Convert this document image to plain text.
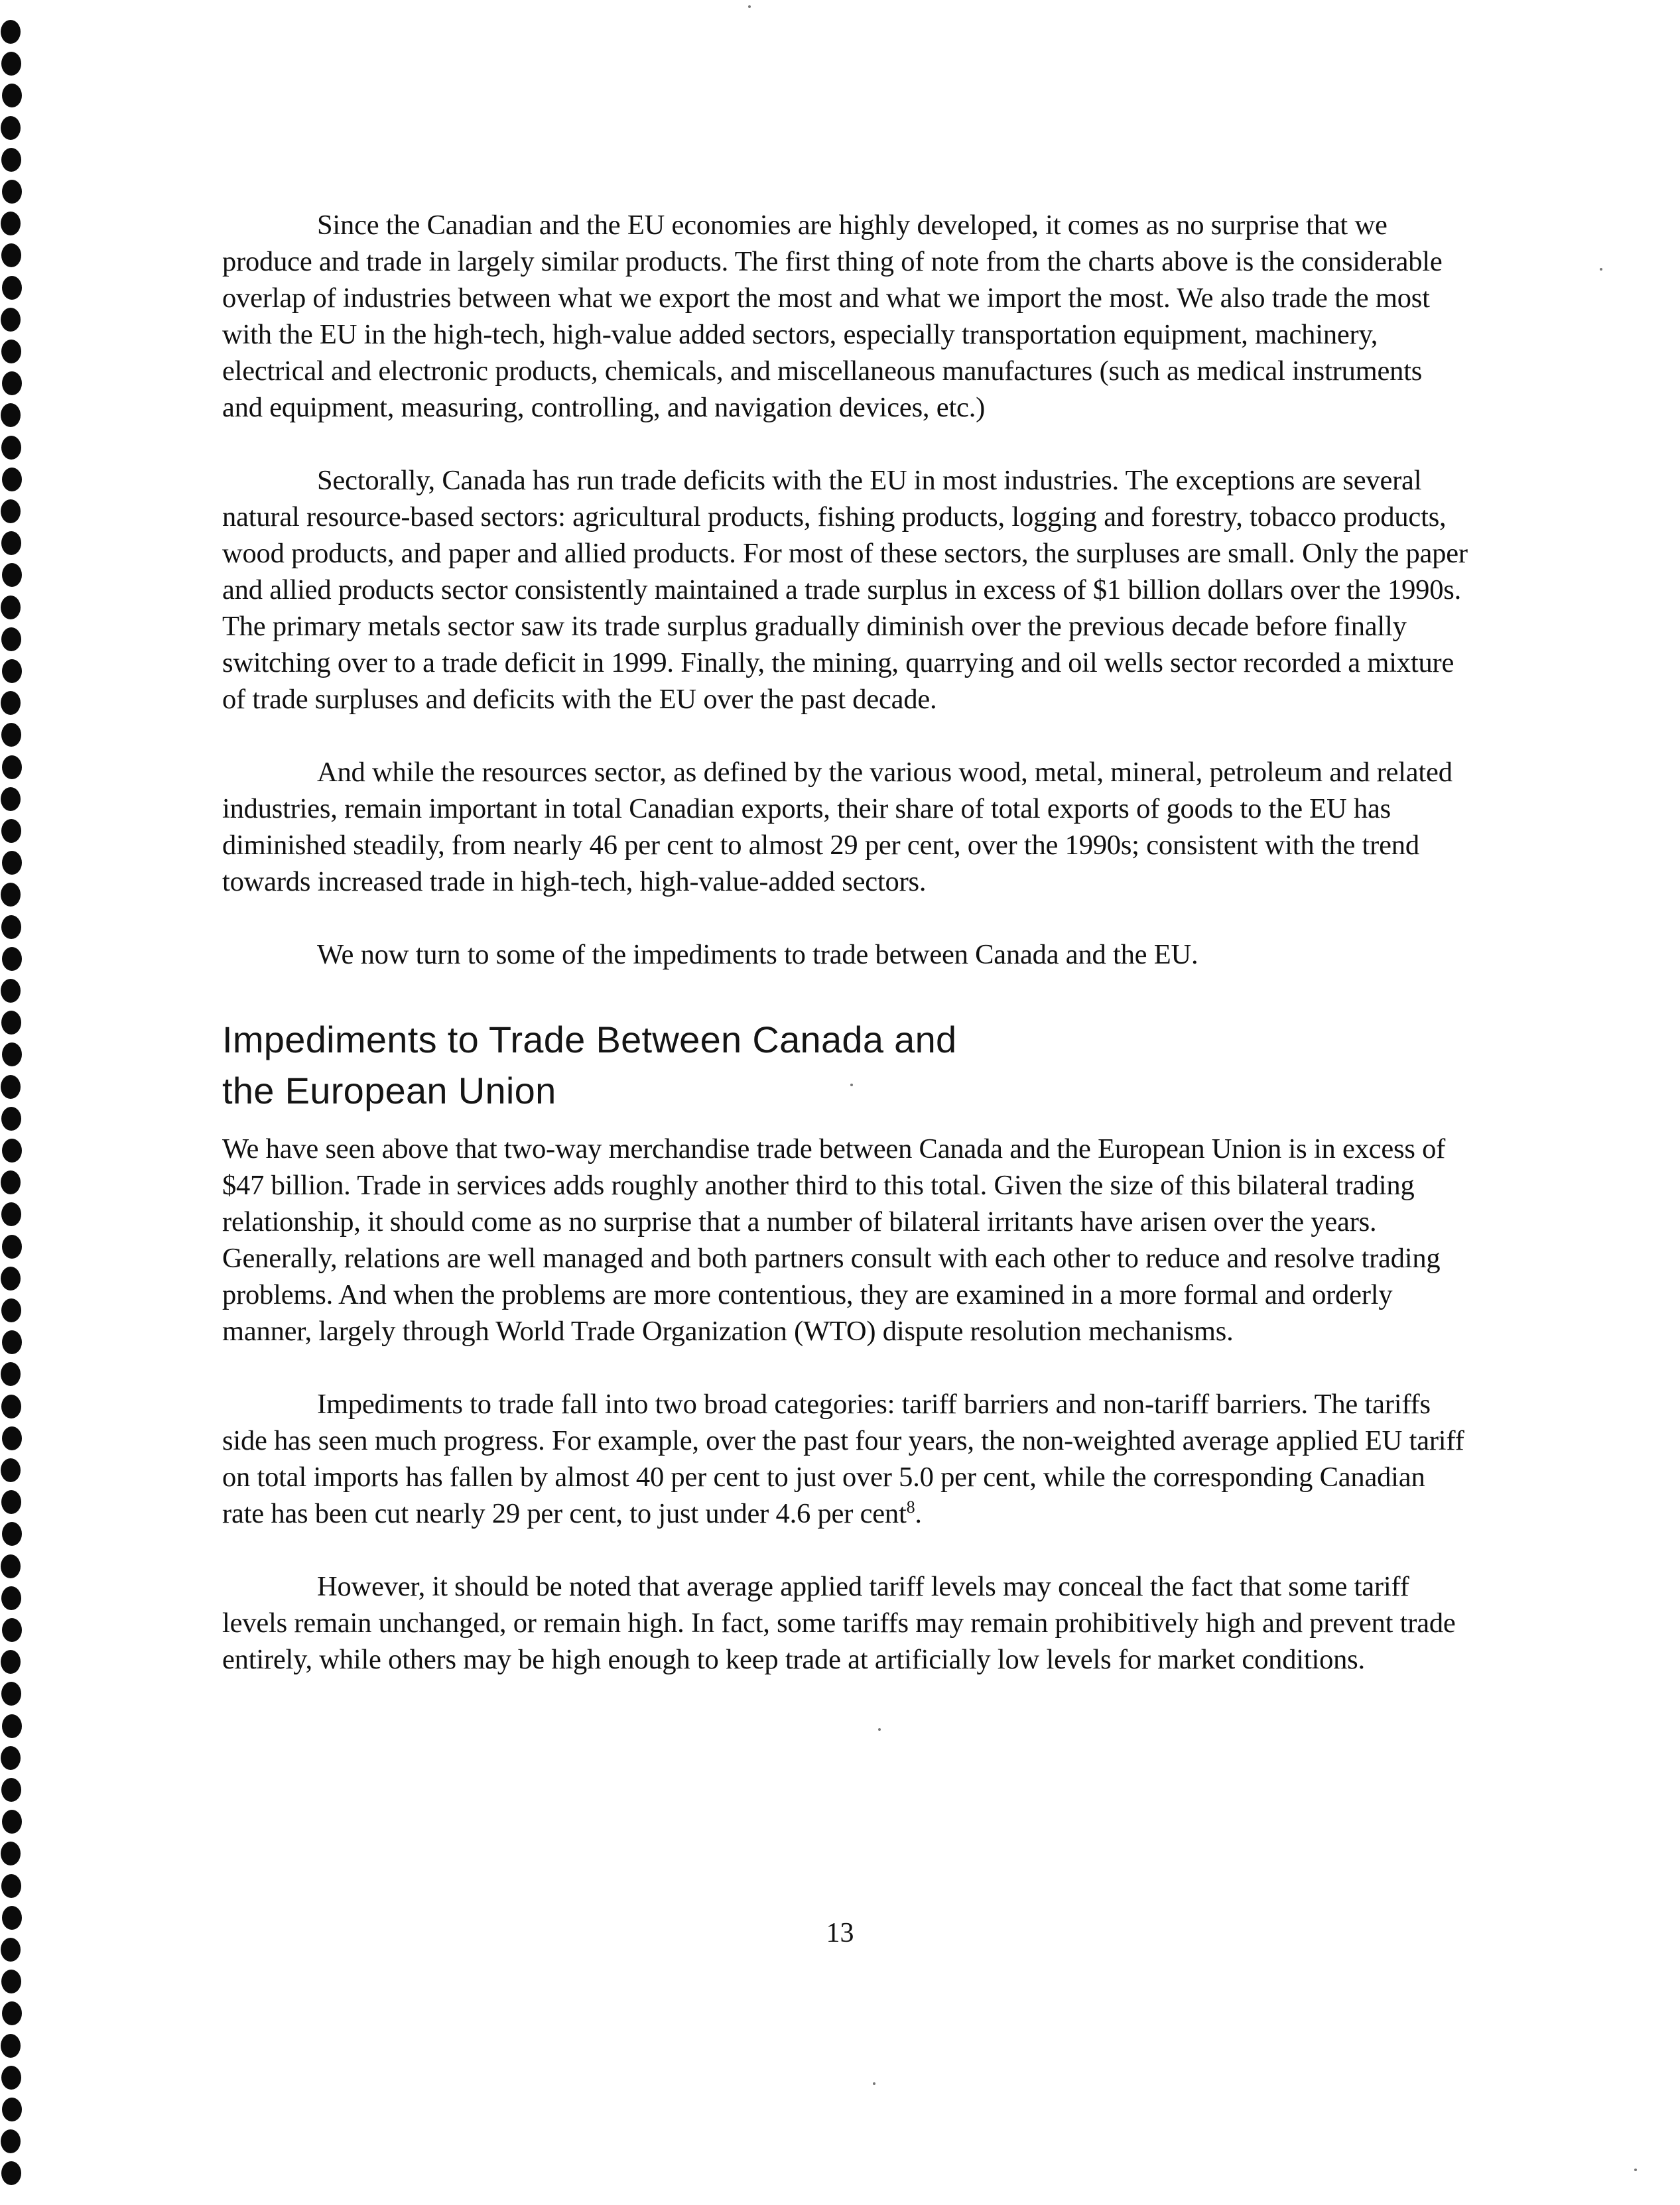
Since the Canadian and the EU economies are highly developed, it comes as no surprise that we produce and trade in largely similar products. The first thing of note from the charts above is the considerable overlap of industries between what we export the most and what we import the most. We also trade the most with the EU in the high-tech, high-value added sectors, especially transportation equipment, machinery, electrical and electronic products, chemicals, and miscellaneous manufactures (such as medical instruments and equipment, measuring, controlling, and navigation devices, etc.)

Sectorally, Canada has run trade deficits with the EU in most industries. The exceptions are several natural resource-based sectors: agricultural products, fishing products, logging and forestry, tobacco products, wood products, and paper and allied products. For most of these sectors, the surpluses are small. Only the paper and allied products sector consistently maintained a trade surplus in excess of $1 billion dollars over the 1990s. The primary metals sector saw its trade surplus gradually diminish over the previous decade before finally switching over to a trade deficit in 1999. Finally, the mining, quarrying and oil wells sector recorded a mixture of trade surpluses and deficits with the EU over the past decade.

And while the resources sector, as defined by the various wood, metal, mineral, petroleum and related industries, remain important in total Canadian exports, their share of total exports of goods to the EU has diminished steadily, from nearly 46 per cent to almost 29 per cent, over the 1990s; consistent with the trend towards increased trade in high-tech, high-value-added sectors.

We now turn to some of the impediments to trade between Canada and the EU.

Impediments to Trade Between Canada and
the European Union

We have seen above that two-way merchandise trade between Canada and the European Union is in excess of $47 billion. Trade in services adds roughly another third to this total. Given the size of this bilateral trading relationship, it should come as no surprise that a number of bilateral irritants have arisen over the years. Generally, relations are well managed and both partners consult with each other to reduce and resolve trading problems. And when the problems are more contentious, they are examined in a more formal and orderly manner, largely through World Trade Organization (WTO) dispute resolution mechanisms.

Impediments to trade fall into two broad categories: tariff barriers and non-tariff barriers. The tariffs side has seen much progress. For example, over the past four years, the non-weighted average applied EU tariff on total imports has fallen by almost 40 per cent to just over 5.0 per cent, while the corresponding Canadian rate has been cut nearly 29 per cent, to just under 4.6 per cent$^8$.

However, it should be noted that average applied tariff levels may conceal the fact that some tariff levels remain unchanged, or remain high. In fact, some tariffs may remain prohibitively high and prevent trade entirely, while others may be high enough to keep trade at artificially low levels for market conditions.

13
